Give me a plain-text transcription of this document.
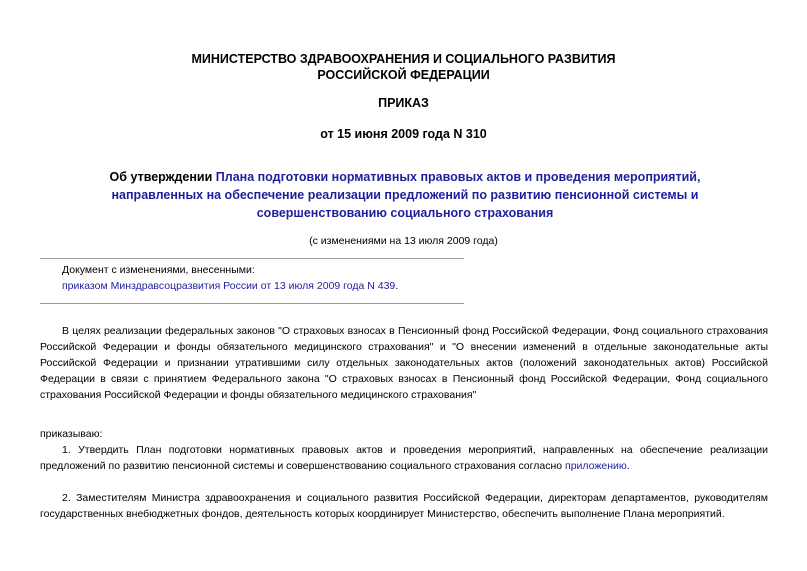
МИНИСТЕРСТВО ЗДРАВООХРАНЕНИЯ И СОЦИАЛЬНОГО РАЗВИТИЯ
РОССИЙСКОЙ ФЕДЕРАЦИИ
ПРИКАЗ
от 15 июня 2009 года N 310
Об утверждении Плана подготовки нормативных правовых актов и проведения мероприятий,
направленных на обеспечение реализации предложений по развитию пенсионной системы и
совершенствованию социального страхования
(с изменениями на 13 июля 2009 года)
Документ с изменениями, внесенными:
приказом Минздравсоцразвития России от 13 июля 2009 года N 439.
В целях реализации федеральных законов "О страховых взносах в Пенсионный фонд Российской Федерации, Фонд социального страхования Российской Федерации и фонды обязательного медицинского страхования" и "О внесении изменений в отдельные законодательные акты Российской Федерации и признании утратившими силу отдельных законодательных актов (положений законодательных актов) Российской Федерации в связи с принятием Федерального закона "О страховых взносах в Пенсионный фонд Российской Федерации, Фонд социального страхования Российской Федерации и фонды обязательного медицинского страхования"
приказываю:
1. Утвердить План подготовки нормативных правовых актов и проведения мероприятий, направленных на обеспечение реализации предложений по развитию пенсионной системы и совершенствованию социального страхования согласно приложению.
2. Заместителям Министра здравоохранения и социального развития Российской Федерации, директорам департаментов, руководителям государственных внебюджетных фондов, деятельность которых координирует Министерство, обеспечить выполнение Плана мероприятий.
